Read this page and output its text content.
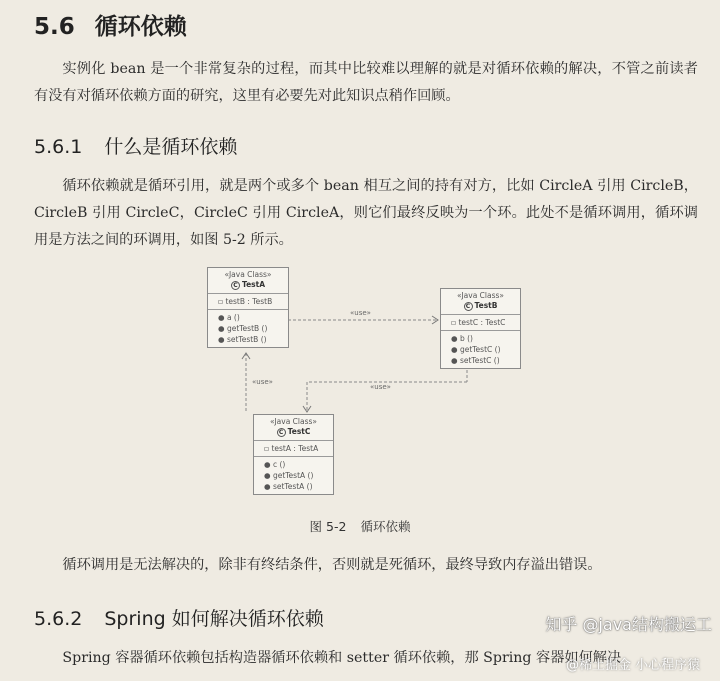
5.6 循环依赖

实例化 bean 是一个非常复杂的过程，而其中比较难以理解的就是对循环依赖的解决，不管之前读者有没有对循环依赖方面的研究，这里有必要先对此知识点稍作回顾。

5.6.1 什么是循环依赖

循环依赖就是循环引用，就是两个或多个 bean 相互之间的持有对方，比如 CircleA 引用 CircleB，CircleB 引用 CircleC，CircleC 引用 CircleA，则它们最终反映为一个环。此处不是循环调用，循环调用是方法之间的环调用，如图 5-2 所示。

«use»
«use»
«use»
«Java Class»
C TestA
▫ testB : TestB
● a ()
● getTestB ()
● setTestB ()
«Java Class»
C TestB
▫ testC : TestC
● b ()
● getTestC ()
● setTestC ()
«Java Class»
C TestC
▫ testA : TestA
● c ()
● getTestA ()
● setTestA ()
图 5-2 循环依赖

循环调用是无法解决的，除非有终结条件，否则就是死循环，最终导致内存溢出错误。

5.6.2 Spring 如何解决循环依赖

Spring 容器循环依赖包括构造器循环依赖和 setter 循环依赖，那 Spring 容器如何解决

知乎 @java结构搬运工
@稀土掘金 小心程序猿
